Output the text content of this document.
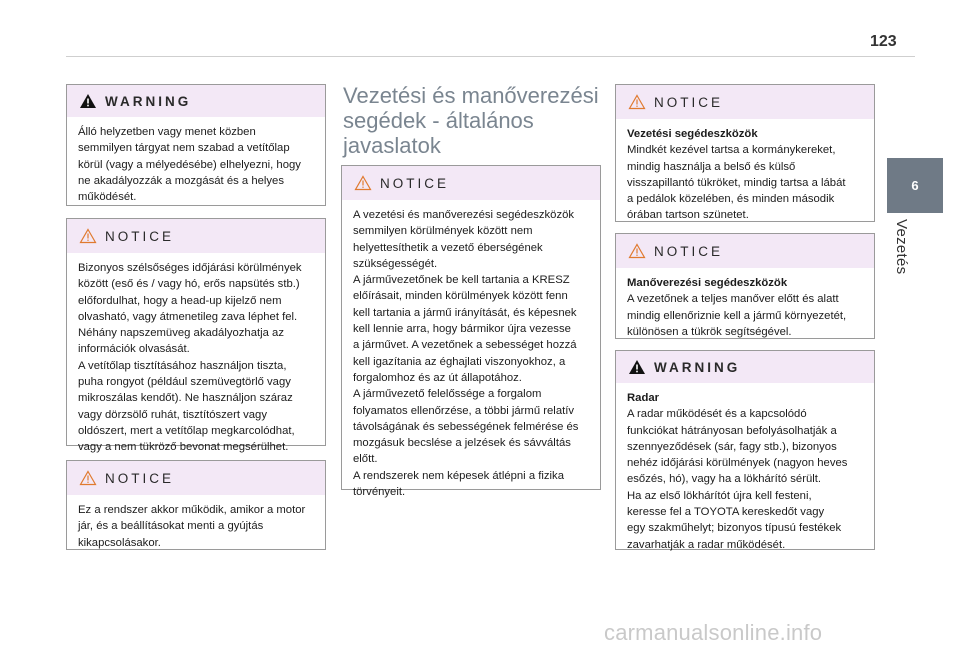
123
6
Vezetés
WARNING

Álló helyzetben vagy menet közben

semmilyen tárgyat nem szabad a vetítőlap

körül (vagy a mélyedésébe) elhelyezni, hogy

ne akadályozzák a mozgását és a helyes

működését.

NOTICE

Bizonyos szélsőséges időjárási körülmények

között (eső és / vagy hó, erős napsütés stb.)

előfordulhat, hogy a head-up kijelző nem

olvasható, vagy átmenetileg zava léphet fel.

Néhány napszemüveg akadályozhatja az

információk olvasását.

A vetítőlap tisztításához használjon tiszta,

puha rongyot (például szemüvegtörlő vagy

mikroszálas kendőt). Ne használjon száraz

vagy dörzsölő ruhát, tisztítószert vagy

oldószert, mert a vetítőlap megkarcolódhat,

vagy a nem tükröző bevonat megsérülhet.

NOTICE

Ez a rendszer akkor működik, amikor a motor

jár, és a beállításokat menti a gyújtás

kikapcsolásakor.

Vezetési és manőverezési segédek - általános javaslatok
NOTICE

A vezetési és manőverezési segédeszközök

semmilyen körülmények között nem

helyettesíthetik a vezető éberségének

szükségességét.

A járművezetőnek be kell tartania a KRESZ

előírásait, minden körülmények között fenn

kell tartania a jármű irányítását, és képesnek

kell lennie arra, hogy bármikor újra vezesse

a járművet. A vezetőnek a sebességet hozzá

kell igazítania az éghajlati viszonyokhoz, a

forgalomhoz és az út állapotához.

A járművezető felelőssége a forgalom

folyamatos ellenőrzése, a többi jármű relatív

távolságának és sebességének felmérése és

mozgásuk becslése a jelzések és sávváltás

előtt.

A rendszerek nem képesek átlépni a fizika

törvényeit.

NOTICE

Vezetési segédeszközök

Mindkét kezével tartsa a kormánykereket,

mindig használja a belső és külső

visszapillantó tükröket, mindig tartsa a lábát

a pedálok közelében, és minden második

órában tartson szünetet.

NOTICE

Manőverezési segédeszközök

A vezetőnek a teljes manőver előtt és alatt

mindig ellenőriznie kell a jármű környezetét,

különösen a tükrök segítségével.

WARNING

Radar

A radar működését és a kapcsolódó

funkciókat hátrányosan befolyásolhatják a

szennyeződések (sár, fagy stb.), bizonyos

nehéz időjárási körülmények (nagyon heves

esőzés, hó), vagy ha a lökhárító sérült.

Ha az első lökhárítót újra kell festeni,

keresse fel a TOYOTA kereskedőt vagy

egy szakműhelyt; bizonyos típusú festékek

zavarhatják a radar működését.

carmanualsonline.info
